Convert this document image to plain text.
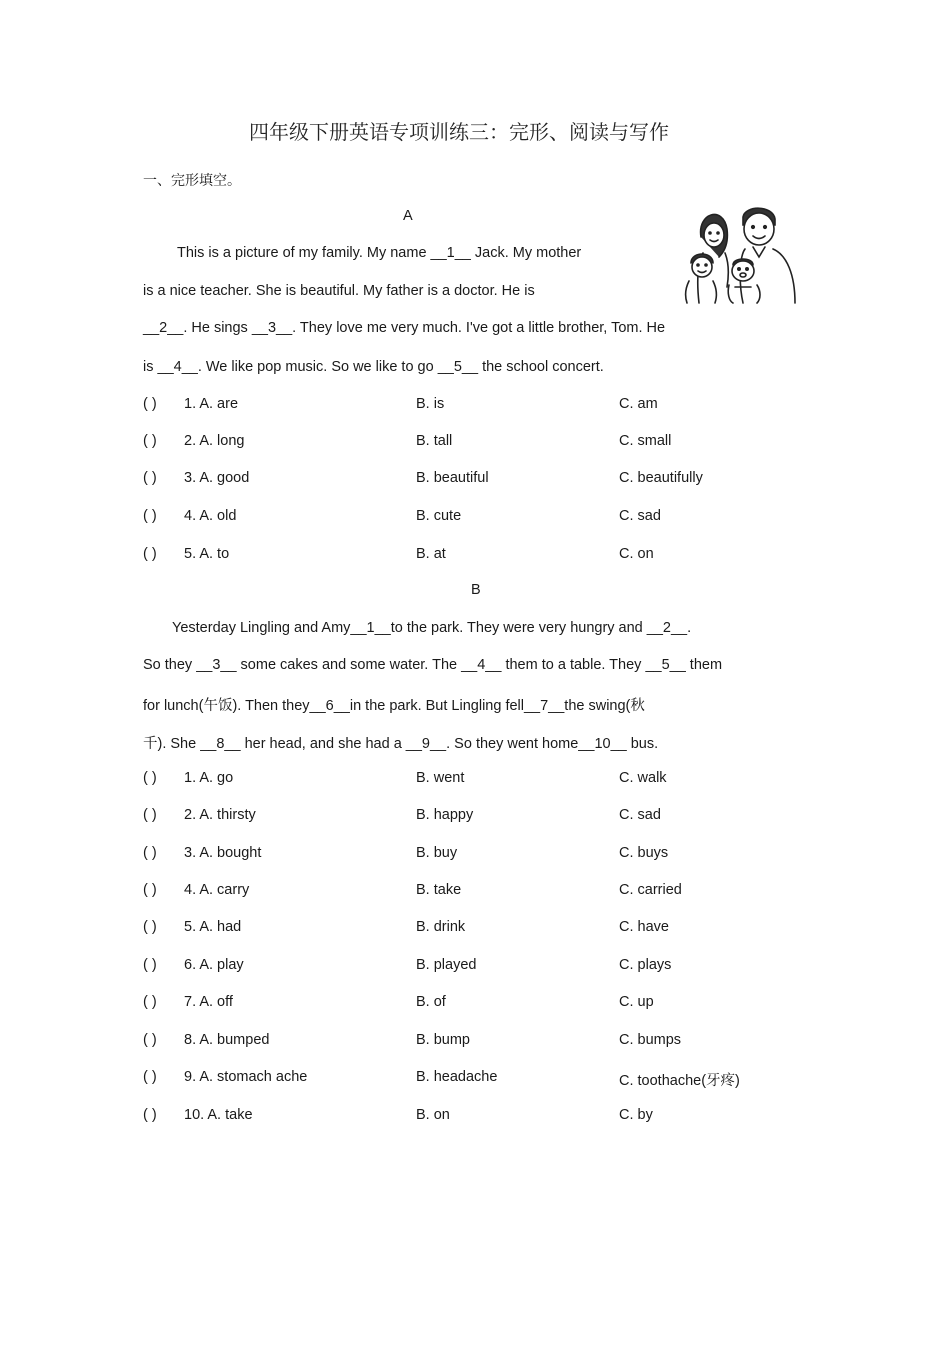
四年级下册英语专项训练三：完形、阅读与写作
一、完形填空。
A
This is a picture of my family. My name __1__ Jack. My mother
is a nice teacher. She is beautiful. My father is a doctor. He is
__2__. He sings __3__. They love me very much. I've got a little brother, Tom. He
is __4__. We like pop music. So we like to go __5__ the school concert.
( ) 1. A. are	B. is	C. am
( ) 2. A. long	B. tall	C. small
( ) 3. A. good	B. beautiful	C. beautifully
( ) 4. A. old	B. cute	C. sad
( ) 5. A. to	B. at	C. on
B
Yesterday Lingling and Amy__1__to the park. They were very hungry and __2__.
So they __3__ some cakes and some water. The __4__ them to a table. They __5__ them
for lunch(午饭). Then they__6__in the park. But Lingling fell__7__the swing(秋
千). She __8__ her head, and she had a __9__. So they went home__10__ bus.
( ) 1. A. go	B. went	C. walk
( ) 2. A. thirsty	B. happy	C. sad
( ) 3. A. bought	B. buy	C. buys
( ) 4. A. carry	B. take	C. carried
( ) 5. A. had	B. drink	C. have
( ) 6. A. play	B. played	C. plays
( ) 7. A. off	B. of	C. up
( ) 8. A. bumped	B. bump	C. bumps
( ) 9. A. stomach ache	B. headache	C. toothache(牙疼)
( ) 10. A. take	B. on	C. by
